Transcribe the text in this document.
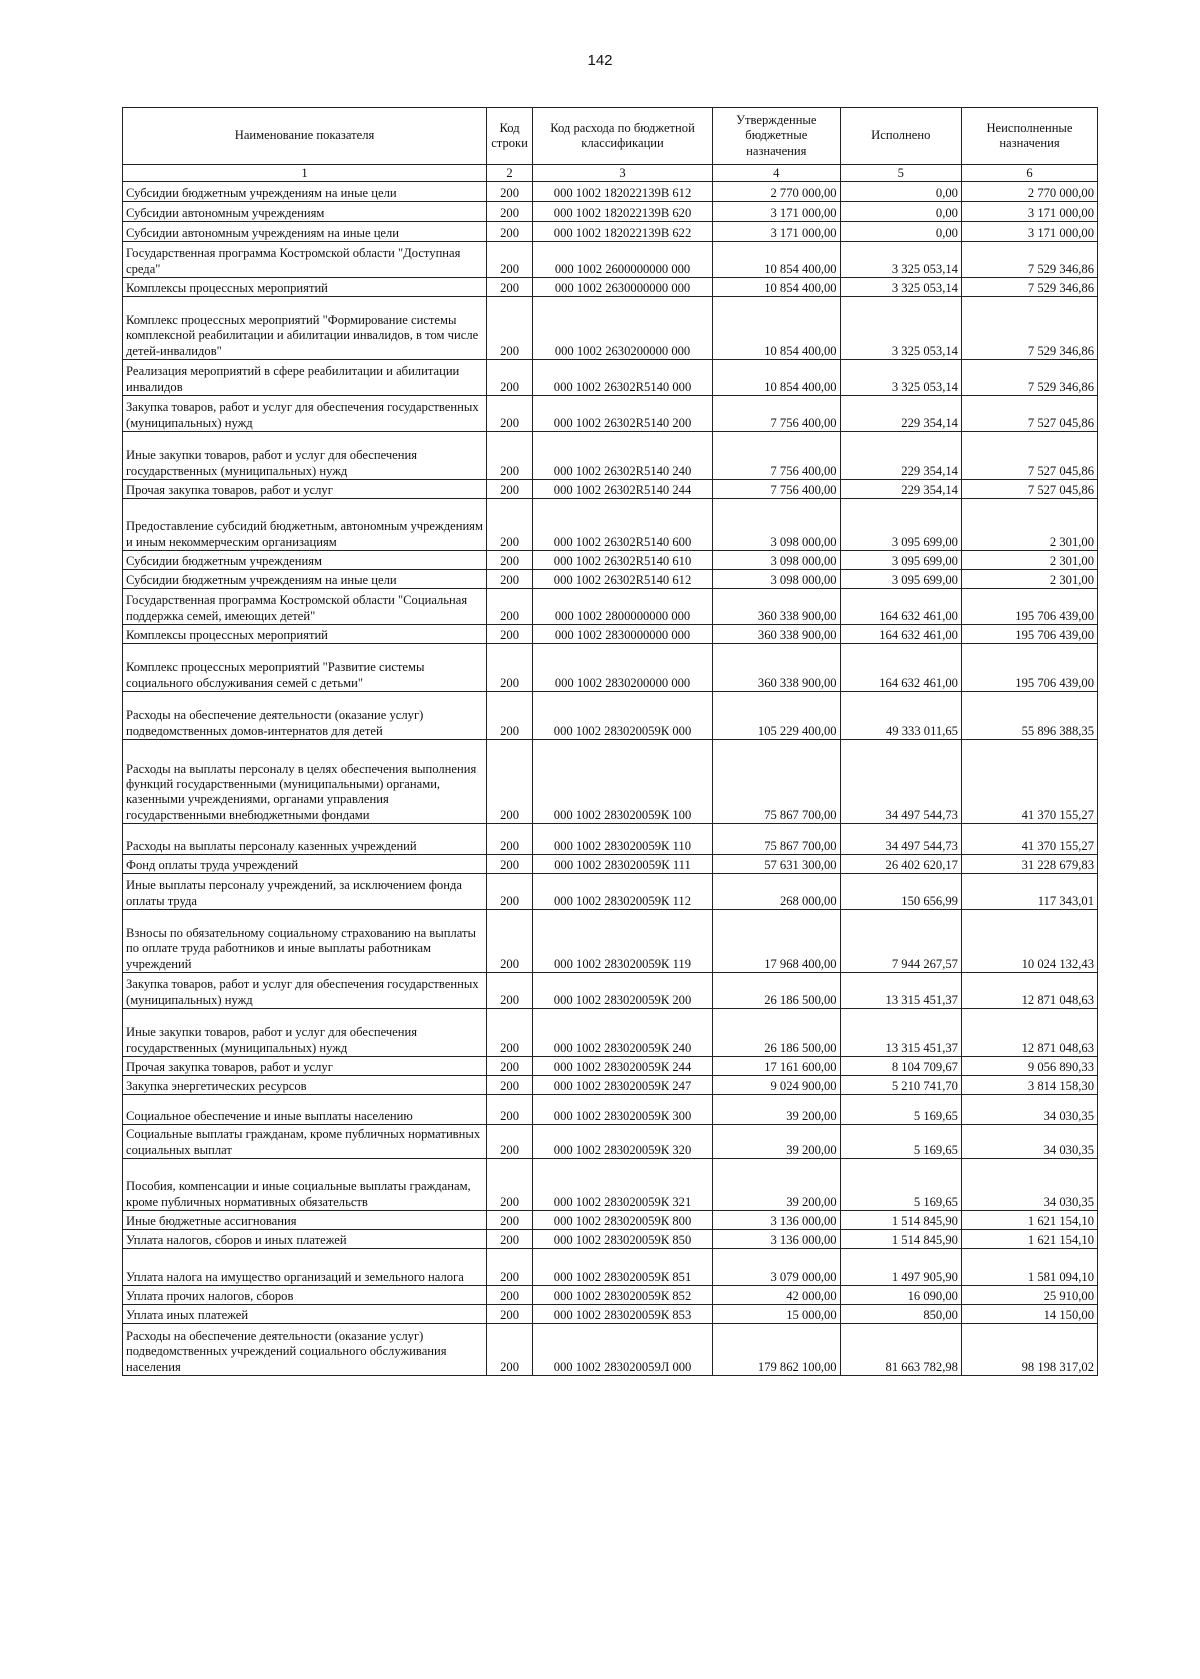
142
Наименование показателя	Код строки	Код расхода по бюджетной классификации	Утвержденные бюджетные назначения	Исполнено	Неисполненные назначения
1	2	3	4	5	6
Субсидии бюджетным учреждениям на иные цели	200	000 1002 182022139В 612	2 770 000,00	0,00	2 770 000,00
Субсидии автономным учреждениям	200	000 1002 182022139В 620	3 171 000,00	0,00	3 171 000,00
Субсидии автономным учреждениям на иные цели	200	000 1002 182022139В 622	3 171 000,00	0,00	3 171 000,00
Государственная программа Костромской области "Доступная среда"	200	000 1002 2600000000 000	10 854 400,00	3 325 053,14	7 529 346,86
Комплексы процессных мероприятий	200	000 1002 2630000000 000	10 854 400,00	3 325 053,14	7 529 346,86
Комплекс процессных мероприятий "Формирование системы комплексной реабилитации и абилитации инвалидов, в том числе детей-инвалидов"	200	000 1002 2630200000 000	10 854 400,00	3 325 053,14	7 529 346,86
Реализация мероприятий в сфере реабилитации и абилитации инвалидов	200	000 1002 26302R5140 000	10 854 400,00	3 325 053,14	7 529 346,86
Закупка товаров, работ и услуг для обеспечения государственных (муниципальных) нужд	200	000 1002 26302R5140 200	7 756 400,00	229 354,14	7 527 045,86
Иные закупки товаров, работ и услуг для обеспечения государственных (муниципальных) нужд	200	000 1002 26302R5140 240	7 756 400,00	229 354,14	7 527 045,86
Прочая закупка товаров, работ и услуг	200	000 1002 26302R5140 244	7 756 400,00	229 354,14	7 527 045,86
Предоставление субсидий бюджетным, автономным учреждениям и иным некоммерческим организациям	200	000 1002 26302R5140 600	3 098 000,00	3 095 699,00	2 301,00
Субсидии бюджетным учреждениям	200	000 1002 26302R5140 610	3 098 000,00	3 095 699,00	2 301,00
Субсидии бюджетным учреждениям на иные цели	200	000 1002 26302R5140 612	3 098 000,00	3 095 699,00	2 301,00
Государственная программа Костромской области "Социальная поддержка семей, имеющих детей"	200	000 1002 2800000000 000	360 338 900,00	164 632 461,00	195 706 439,00
Комплексы процессных мероприятий	200	000 1002 2830000000 000	360 338 900,00	164 632 461,00	195 706 439,00
Комплекс процессных мероприятий "Развитие системы социального обслуживания семей с детьми"	200	000 1002 2830200000 000	360 338 900,00	164 632 461,00	195 706 439,00
Расходы на обеспечение деятельности (оказание услуг) подведомственных домов-интернатов для детей	200	000 1002 283020059К 000	105 229 400,00	49 333 011,65	55 896 388,35
Расходы на выплаты персоналу в целях обеспечения выполнения функций государственными (муниципальными) органами, казенными учреждениями, органами управления государственными внебюджетными фондами	200	000 1002 283020059К 100	75 867 700,00	34 497 544,73	41 370 155,27
Расходы на выплаты персоналу казенных учреждений	200	000 1002 283020059К 110	75 867 700,00	34 497 544,73	41 370 155,27
Фонд оплаты труда учреждений	200	000 1002 283020059К 111	57 631 300,00	26 402 620,17	31 228 679,83
Иные выплаты персоналу учреждений, за исключением фонда оплаты труда	200	000 1002 283020059К 112	268 000,00	150 656,99	117 343,01
Взносы по обязательному социальному страхованию на выплаты по оплате труда работников и иные выплаты работникам учреждений	200	000 1002 283020059К 119	17 968 400,00	7 944 267,57	10 024 132,43
Закупка товаров, работ и услуг для обеспечения государственных (муниципальных) нужд	200	000 1002 283020059К 200	26 186 500,00	13 315 451,37	12 871 048,63
Иные закупки товаров, работ и услуг для обеспечения государственных (муниципальных) нужд	200	000 1002 283020059К 240	26 186 500,00	13 315 451,37	12 871 048,63
Прочая закупка товаров, работ и услуг	200	000 1002 283020059К 244	17 161 600,00	8 104 709,67	9 056 890,33
Закупка энергетических ресурсов	200	000 1002 283020059К 247	9 024 900,00	5 210 741,70	3 814 158,30
Социальное обеспечение и иные выплаты населению	200	000 1002 283020059К 300	39 200,00	5 169,65	34 030,35
Социальные выплаты гражданам, кроме публичных нормативных социальных выплат	200	000 1002 283020059К 320	39 200,00	5 169,65	34 030,35
Пособия, компенсации и иные социальные выплаты гражданам, кроме публичных нормативных обязательств	200	000 1002 283020059К 321	39 200,00	5 169,65	34 030,35
Иные бюджетные ассигнования	200	000 1002 283020059К 800	3 136 000,00	1 514 845,90	1 621 154,10
Уплата налогов, сборов и иных платежей	200	000 1002 283020059К 850	3 136 000,00	1 514 845,90	1 621 154,10
Уплата налога на имущество организаций и земельного налога	200	000 1002 283020059К 851	3 079 000,00	1 497 905,90	1 581 094,10
Уплата прочих налогов, сборов	200	000 1002 283020059К 852	42 000,00	16 090,00	25 910,00
Уплата иных платежей	200	000 1002 283020059К 853	15 000,00	850,00	14 150,00
Расходы на обеспечение деятельности (оказание услуг) подведомственных учреждений социального обслуживания населения	200	000 1002 283020059Л 000	179 862 100,00	81 663 782,98	98 198 317,02
